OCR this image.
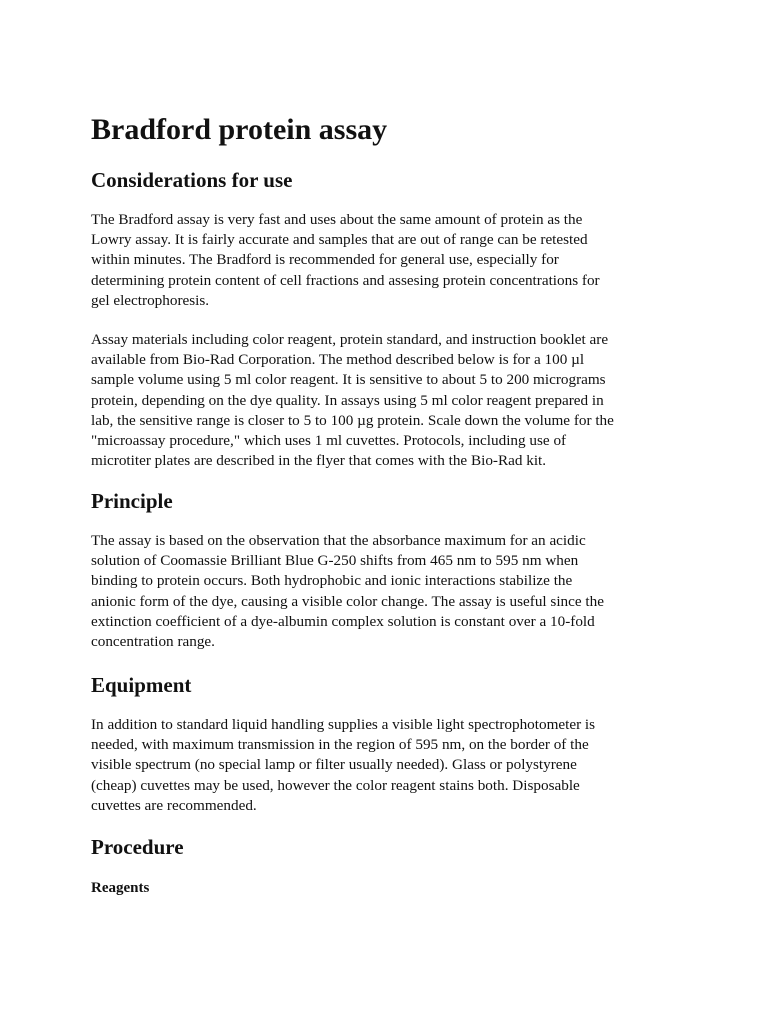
Bradford protein assay
Considerations for use

The Bradford assay is very fast and uses about the same amount of protein as the
Lowry assay. It is fairly accurate and samples that are out of range can be retested
within minutes. The Bradford is recommended for general use, especially for
determining protein content of cell fractions and assesing protein concentrations for
gel electrophoresis.

Assay materials including color reagent, protein standard, and instruction booklet are
available from Bio-Rad Corporation. The method described below is for a 100 µl
sample volume using 5 ml color reagent. It is sensitive to about 5 to 200 micrograms
protein, depending on the dye quality. In assays using 5 ml color reagent prepared in
lab, the sensitive range is closer to 5 to 100 µg protein. Scale down the volume for the
"microassay procedure," which uses 1 ml cuvettes. Protocols, including use of
microtiter plates are described in the flyer that comes with the Bio-Rad kit.

Principle

The assay is based on the observation that the absorbance maximum for an acidic
solution of Coomassie Brilliant Blue G-250 shifts from 465 nm to 595 nm when
binding to protein occurs. Both hydrophobic and ionic interactions stabilize the
anionic form of the dye, causing a visible color change. The assay is useful since the
extinction coefficient of a dye-albumin complex solution is constant over a 10-fold
concentration range.

Equipment

In addition to standard liquid handling supplies a visible light spectrophotometer is
needed, with maximum transmission in the region of 595 nm, on the border of the
visible spectrum (no special lamp or filter usually needed). Glass or polystyrene
(cheap) cuvettes may be used, however the color reagent stains both. Disposable
cuvettes are recommended.

Procedure
Reagents
